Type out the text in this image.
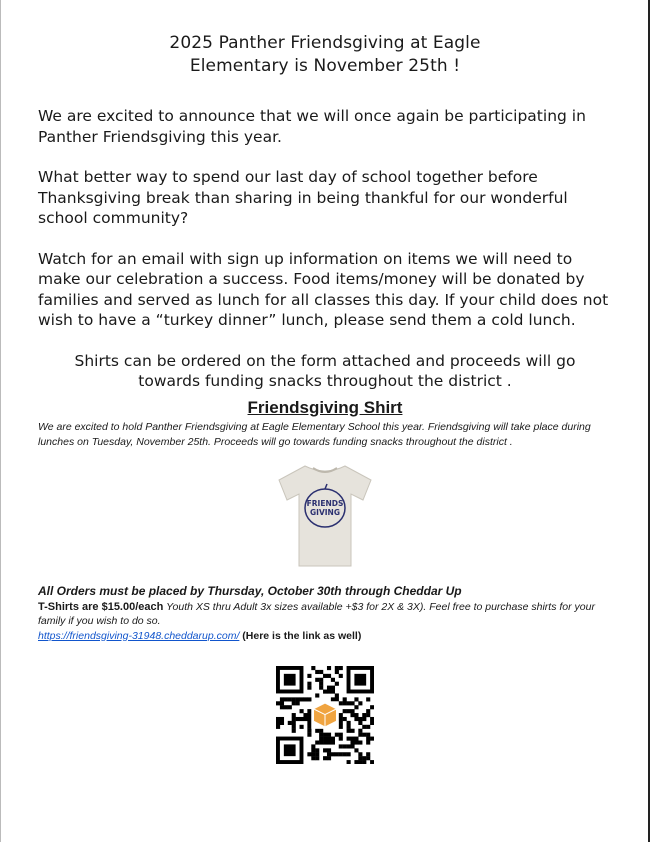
2025 Panther Friendsgiving at Eagle
Elementary is November 25th !

We are excited to announce that we will once again be participating in Panther Friendsgiving this year.

What better way to spend our last day of school together before Thanksgiving break than sharing in being thankful for our wonderful school community?

Watch for an email with sign up information on items we will need to make our celebration a success. Food items/money will be donated by families and served as lunch for all classes this day. If your child does not wish to have a “turkey dinner” lunch, please send them a cold lunch.

Shirts can be ordered on the form attached and proceeds will go towards funding snacks throughout the district .

Friendsgiving Shirt

We are excited to hold Panther Friendsgiving at Eagle Elementary School this year. Friendsgiving will take place during lunches on Tuesday, November 25th. Proceeds will go towards funding snacks throughout the district .

FRIENDS
GIVING

All Orders must be placed by Thursday, October 30th through Cheddar Up

T-Shirts are $15.00/each Youth XS thru Adult 3x sizes available +$3 for 2X & 3X). Feel free to purchase shirts for your family if you wish to do so.

https://friendsgiving-31948.cheddarup.com/ (Here is the link as well)
